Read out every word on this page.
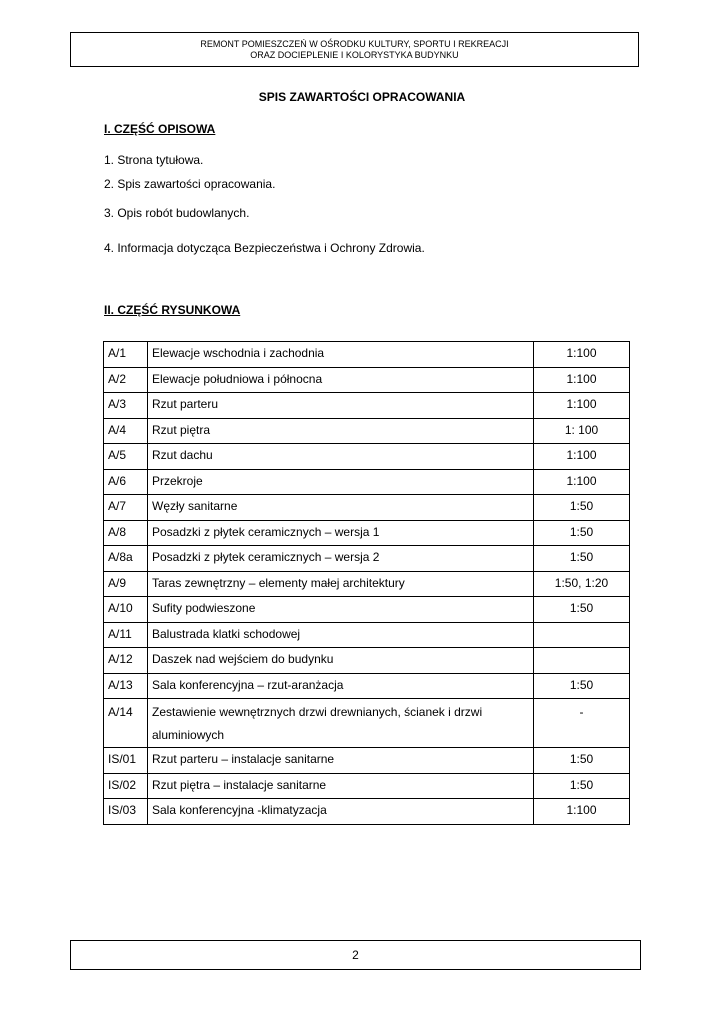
REMONT POMIESZCZEŃ W OŚRODKU KULTURY, SPORTU I REKREACJI
ORAZ DOCIEPLENIE I KOLORYSTYKA BUDYNKU
SPIS ZAWARTOŚCI OPRACOWANIA
I. CZĘŚĆ OPISOWA
1. Strona tytułowa.
2. Spis zawartości opracowania.
3. Opis robót budowlanych.
4. Informacja dotycząca Bezpieczeństwa i Ochrony Zdrowia.
II. CZĘŚĆ RYSUNKOWA
A/1	Elewacje wschodnia i zachodnia	1:100
A/2	Elewacje południowa i północna	1:100
A/3	Rzut parteru	1:100
A/4	Rzut piętra	1: 100
A/5	Rzut dachu	1:100
A/6	Przekroje	1:100
A/7	Węzły sanitarne	1:50
A/8	Posadzki z płytek ceramicznych – wersja 1	1:50
A/8a	Posadzki z płytek ceramicznych – wersja 2	1:50
A/9	Taras zewnętrzny – elementy małej architektury	1:50, 1:20
A/10	Sufity podwieszone	1:50
A/11	Balustrada klatki schodowej	
A/12	Daszek nad wejściem do budynku	
A/13	Sala konferencyjna – rzut-aranżacja	1:50
A/14	Zestawienie wewnętrznych drzwi drewnianych, ścianek i drzwi aluminiowych	-
IS/01	Rzut parteru – instalacje sanitarne	1:50
IS/02	Rzut piętra – instalacje sanitarne	1:50
IS/03	Sala konferencyjna -klimatyzacja	1:100
2
